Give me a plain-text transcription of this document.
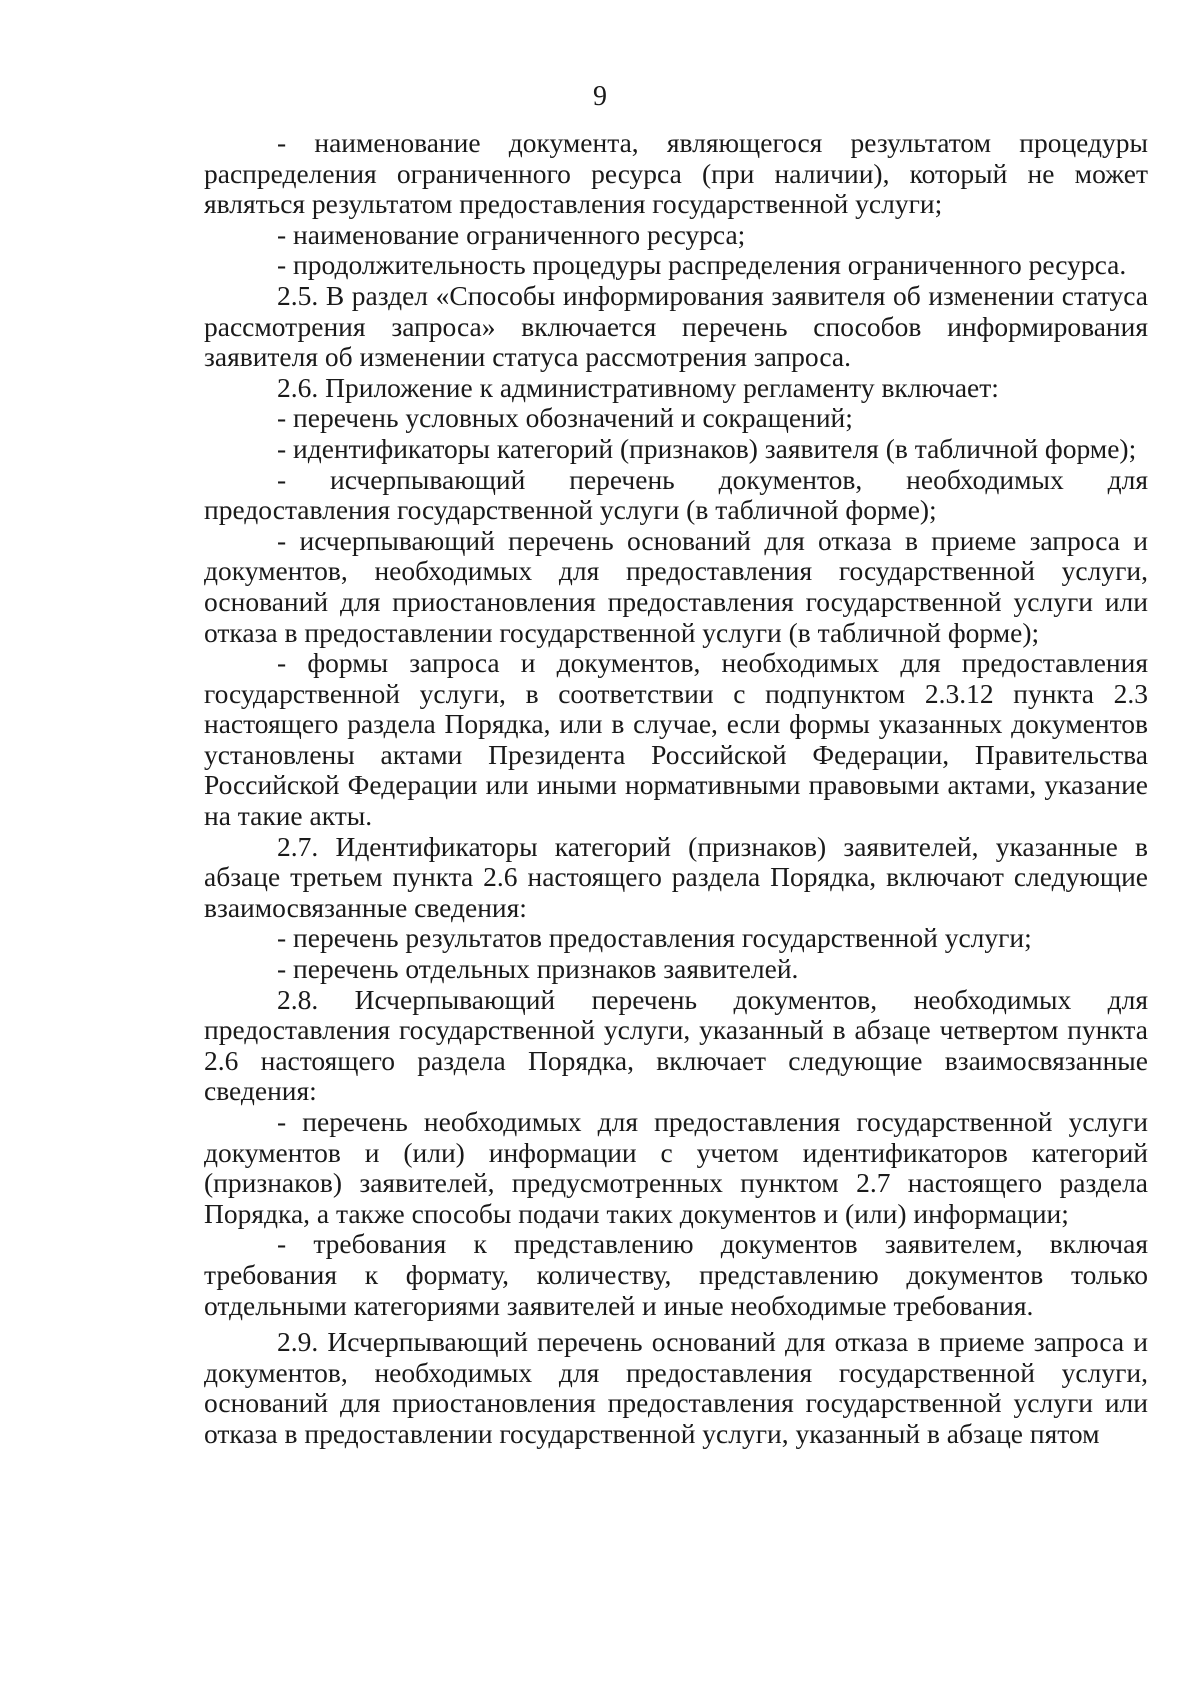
9

- наименование документа, являющегося результатом процедуры распределения ограниченного ресурса (при наличии), который не может являться результатом предоставления государственной услуги;

- наименование ограниченного ресурса;

- продолжительность процедуры распределения ограниченного ресурса.

2.5. В раздел «Способы информирования заявителя об изменении статуса рассмотрения запроса» включается перечень способов информирования заявителя об изменении статуса рассмотрения запроса.

2.6. Приложение к административному регламенту включает:

- перечень условных обозначений и сокращений;

- идентификаторы категорий (признаков) заявителя (в табличной форме);

- исчерпывающий перечень документов, необходимых для предоставления государственной услуги (в табличной форме);

- исчерпывающий перечень оснований для отказа в приеме запроса и документов, необходимых для предоставления государственной услуги, оснований для приостановления предоставления государственной услуги или отказа в предоставлении государственной услуги (в табличной форме);

- формы запроса и документов, необходимых для предоставления государственной услуги, в соответствии с подпунктом 2.3.12 пункта 2.3 настоящего раздела Порядка, или в случае, если формы указанных документов установлены актами Президента Российской Федерации, Правительства Российской Федерации или иными нормативными правовыми актами, указание на такие акты.

2.7. Идентификаторы категорий (признаков) заявителей, указанные в абзаце третьем пункта 2.6 настоящего раздела Порядка, включают следующие взаимосвязанные сведения:

- перечень результатов предоставления государственной услуги;

- перечень отдельных признаков заявителей.

2.8. Исчерпывающий перечень документов, необходимых для предоставления государственной услуги, указанный в абзаце четвертом пункта 2.6 настоящего раздела Порядка, включает следующие взаимосвязанные сведения:

- перечень необходимых для предоставления государственной услуги документов и (или) информации с учетом идентификаторов категорий (признаков) заявителей, предусмотренных пунктом 2.7 настоящего раздела Порядка, а также способы подачи таких документов и (или) информации;

- требования к представлению документов заявителем, включая требования к формату, количеству, представлению документов только отдельными категориями заявителей и иные необходимые требования.

2.9. Исчерпывающий перечень оснований для отказа в приеме запроса и документов, необходимых для предоставления государственной услуги, оснований для приостановления предоставления государственной услуги или отказа в предоставлении государственной услуги, указанный в абзаце пятом
